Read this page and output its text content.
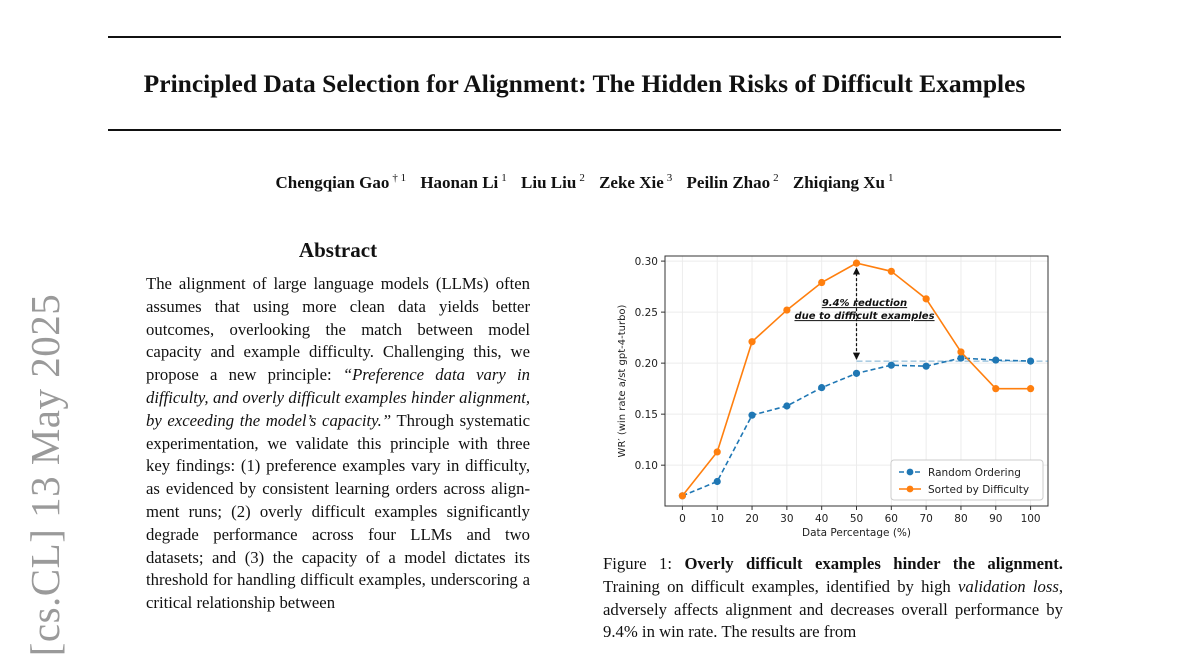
[cs.CL] 13 May 2025
Principled Data Selection for Alignment: The Hidden Risks of Difficult Examples
Chengqian Gao $^{\dagger 1}$ Haonan Li $^1$ Liu Liu $^2$ Zeke Xie $^3$ Peilin Zhao $^2$ Zhiqiang Xu $^1$
Abstract
The alignment of large language models (LLMs) often assumes that using more clean data yields better outcomes, overlooking the match between model capacity and example difficulty. Challenging this, we propose a new principle: “Preference data vary in difficulty, and overly difficult examples hinder alignment, by exceeding the model’s capacity.” Through systematic experimentation, we validate this principle with three key findings: (1) preference examples vary in difficulty, as evidenced by consistent learning orders across alignment runs; (2) overly difficult examples significantly degrade performance across four LLMs and two datasets; and (3) the capacity of a model dictates its threshold for handling difficult examples, underscoring a critical relationship between
0 10 20 30 40 50 60 70 80 90 100
0.10
0.15
0.20
0.25
0.30
Data Percentage (%)
WR′ (win rate a/st gpt-4-turbo)
9.4% reduction
due to difficult examples
Random Ordering
Sorted by Difficulty
Figure 1: Overly difficult examples hinder the alignment. Training on difficult examples, identified by high validation loss, adversely affects alignment and decreases overall performance by 9.4% in win rate. The results are from
